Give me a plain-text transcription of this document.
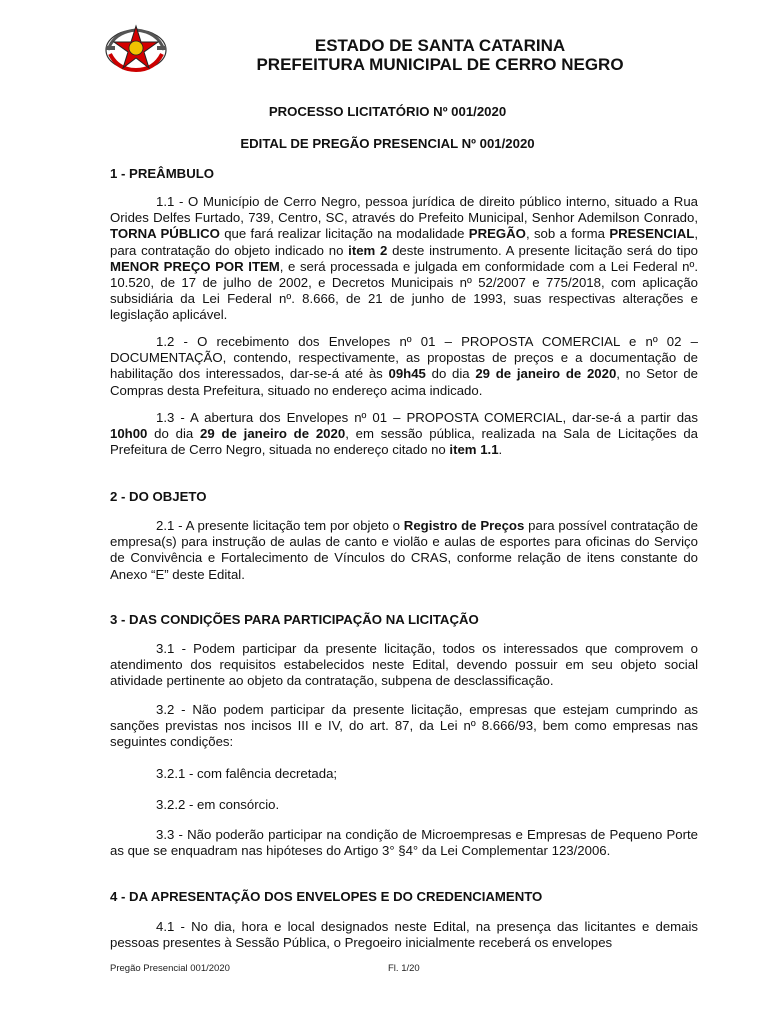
ESTADO DE SANTA CATARINA
PREFEITURA MUNICIPAL DE CERRO NEGRO
PROCESSO LICITATÓRIO Nº 001/2020
EDITAL DE PREGÃO PRESENCIAL Nº 001/2020
1 - PREÂMBULO
1.1 - O Município de Cerro Negro, pessoa jurídica de direito público interno, situado a Rua Orides Delfes Furtado, 739, Centro, SC, através do Prefeito Municipal, Senhor Ademilson Conrado, TORNA PÚBLICO que fará realizar licitação na modalidade PREGÃO, sob a forma PRESENCIAL, para contratação do objeto indicado no item 2 deste instrumento. A presente licitação será do tipo MENOR PREÇO POR ITEM, e será processada e julgada em conformidade com a Lei Federal nº. 10.520, de 17 de julho de 2002, e Decretos Municipais nº 52/2007 e 775/2018, com aplicação subsidiária da Lei Federal nº. 8.666, de 21 de junho de 1993, suas respectivas alterações e legislação aplicável.
1.2 - O recebimento dos Envelopes nº 01 – PROPOSTA COMERCIAL e nº 02 – DOCUMENTAÇÃO, contendo, respectivamente, as propostas de preços e a documentação de habilitação dos interessados, dar-se-á até às 09h45 do dia 29 de janeiro de 2020, no Setor de Compras desta Prefeitura, situado no endereço acima indicado.
1.3 - A abertura dos Envelopes nº 01 – PROPOSTA COMERCIAL, dar-se-á a partir das 10h00 do dia 29 de janeiro de 2020, em sessão pública, realizada na Sala de Licitações da Prefeitura de Cerro Negro, situada no endereço citado no item 1.1.
2 - DO OBJETO
2.1 - A presente licitação tem por objeto o Registro de Preços para possível contratação de empresa(s) para instrução de aulas de canto e violão e aulas de esportes para oficinas do Serviço de Convivência e Fortalecimento de Vínculos do CRAS, conforme relação de itens constante do Anexo “E” deste Edital.
3 - DAS CONDIÇÕES PARA PARTICIPAÇÃO NA LICITAÇÃO
3.1 - Podem participar da presente licitação, todos os interessados que comprovem o atendimento dos requisitos estabelecidos neste Edital, devendo possuir em seu objeto social atividade pertinente ao objeto da contratação, subpena de desclassificação.
3.2 - Não podem participar da presente licitação, empresas que estejam cumprindo as sanções previstas nos incisos III e IV, do art. 87, da Lei nº 8.666/93, bem como empresas nas seguintes condições:
3.2.1 - com falência decretada;
3.2.2 - em consórcio.
3.3 - Não poderão participar na condição de Microempresas e Empresas de Pequeno Porte as que se enquadram nas hipóteses do Artigo 3° §4° da Lei Complementar 123/2006.
4 - DA APRESENTAÇÃO DOS ENVELOPES E DO CREDENCIAMENTO
4.1 - No dia, hora e local designados neste Edital, na presença das licitantes e demais pessoas presentes à Sessão Pública, o Pregoeiro inicialmente receberá os envelopes
Pregão Presencial 001/2020	Fl. 1/20
